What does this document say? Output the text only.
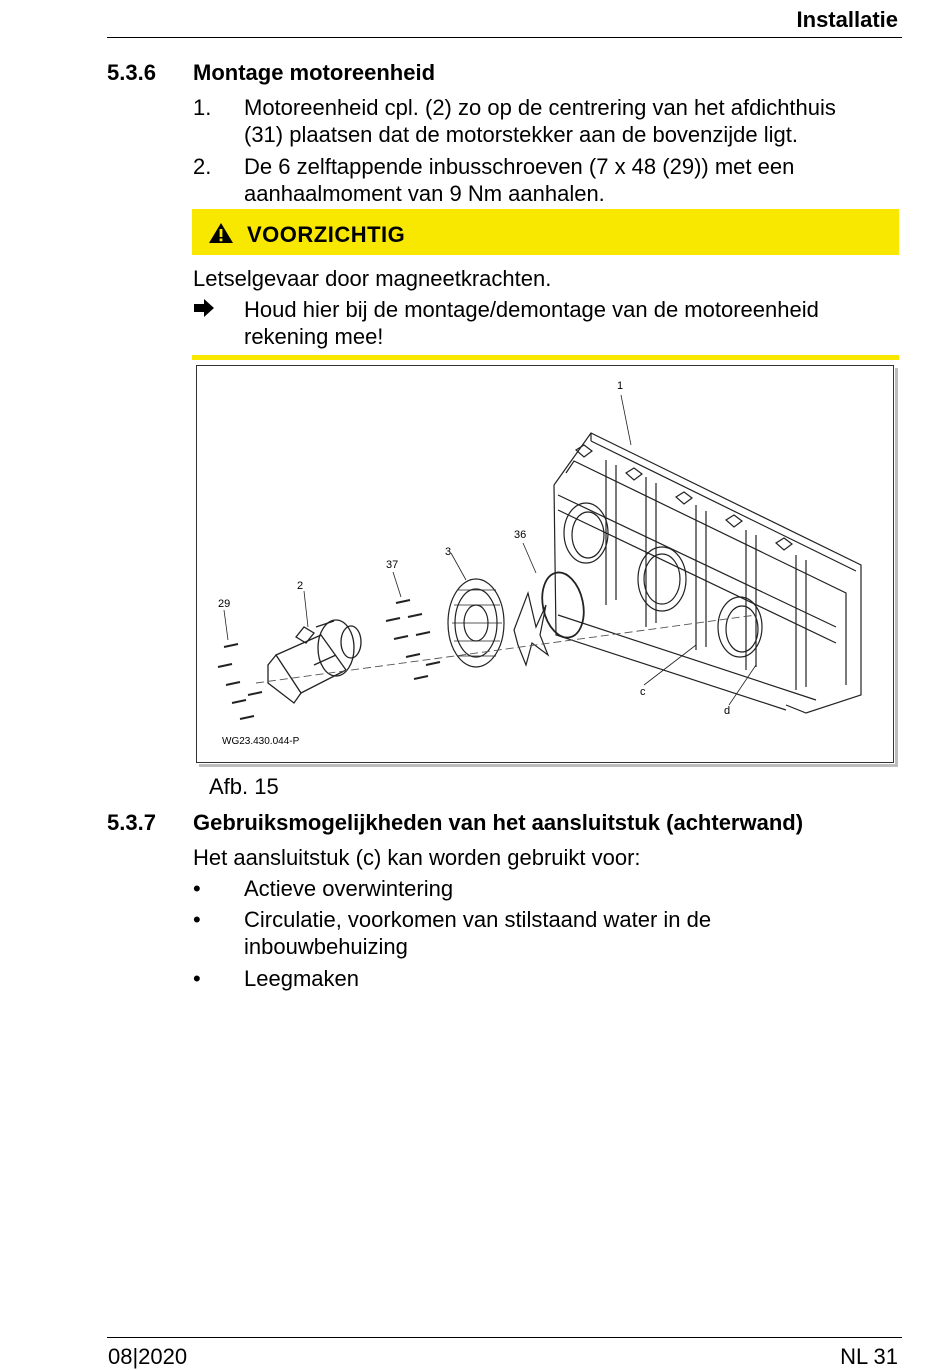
Installatie
5.3.6 Montage motoreenheid
1. Motoreenheid cpl. (2) zo op de centrering van het afdichthuis
(31) plaatsen dat de motorstekker aan de bovenzijde ligt.
2. De 6 zelftappende inbusschroeven (7 x 48 (29)) met een
aanhaalmoment van 9 Nm aanhalen.
VOORZICHTIG
Letselgevaar door magneetkrachten.
Houd hier bij de montage/demontage van de motoreenheid
rekening mee!
1
36
3
37
2
29
c
d
WG23.430.044-P
Afb. 15
5.3.7 Gebruiksmogelijkheden van het aansluitstuk (achterwand)
Het aansluitstuk (c) kan worden gebruikt voor:
• Actieve overwintering
• Circulatie, voorkomen van stilstaand water in de
inbouwbehuizing
• Leegmaken
08|2020	NL 31
